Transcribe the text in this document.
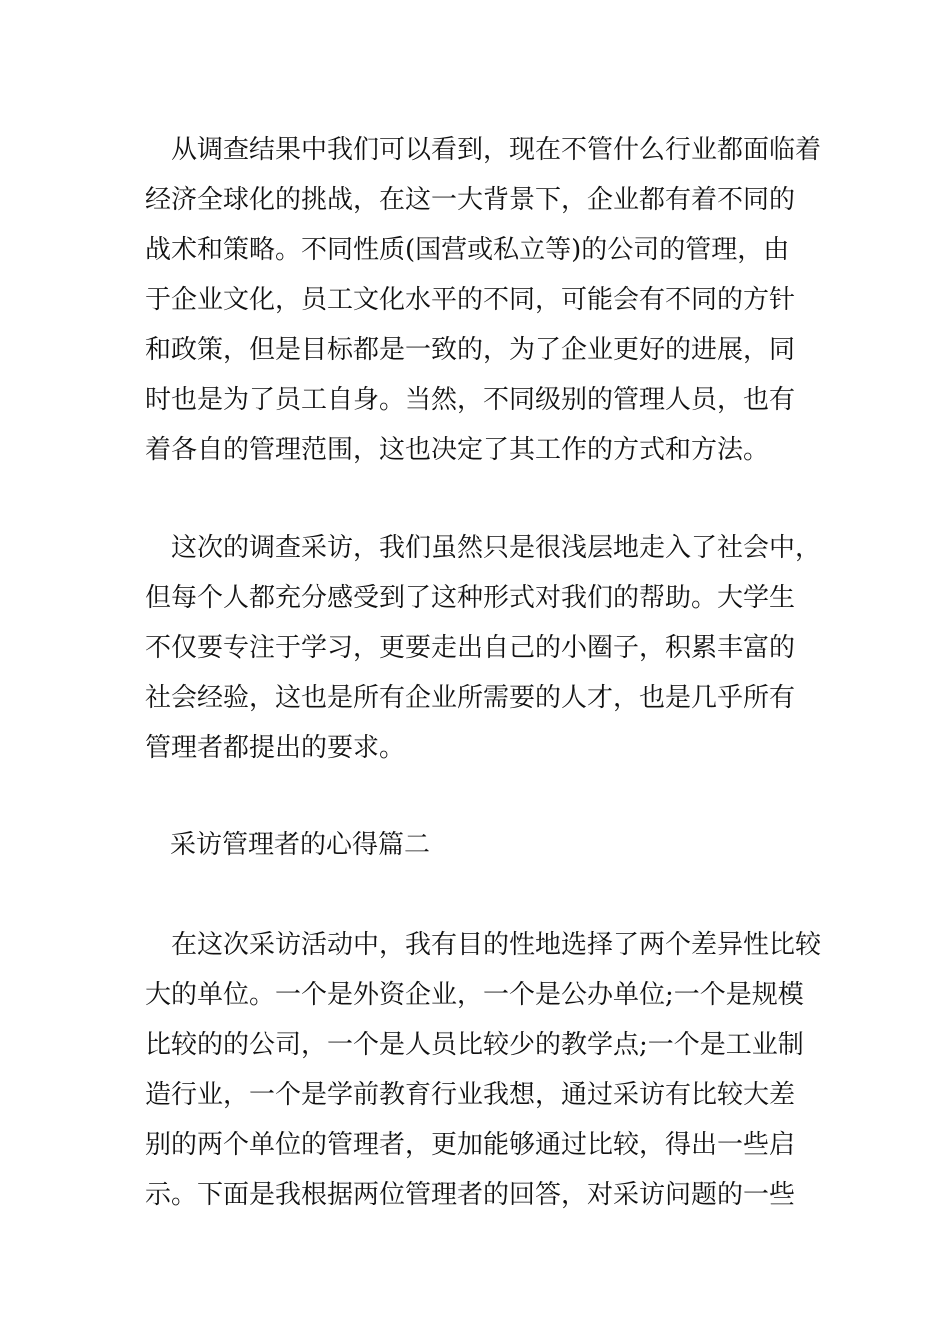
　从调查结果中我们可以看到，现在不管什么行业都面临着
经济全球化的挑战，在这一大背景下，企业都有着不同的
战术和策略。不同性质(国营或私立等)的公司的管理，由
于企业文化，员工文化水平的不同，可能会有不同的方针
和政策，但是目标都是一致的，为了企业更好的进展，同
时也是为了员工自身。当然，不同级别的管理人员，也有
着各自的管理范围，这也决定了其工作的方式和方法。
　这次的调查采访，我们虽然只是很浅层地走入了社会中，
但每个人都充分感受到了这种形式对我们的帮助。大学生
不仅要专注于学习，更要走出自己的小圈子，积累丰富的
社会经验，这也是所有企业所需要的人才，也是几乎所有
管理者都提出的要求。
采访管理者的心得篇二
　在这次采访活动中，我有目的性地选择了两个差异性比较
大的单位。一个是外资企业，一个是公办单位;一个是规模
比较的的公司，一个是人员比较少的教学点;一个是工业制
造行业，一个是学前教育行业我想，通过采访有比较大差
别的两个单位的管理者，更加能够通过比较，得出一些启
示。下面是我根据两位管理者的回答，对采访问题的一些
